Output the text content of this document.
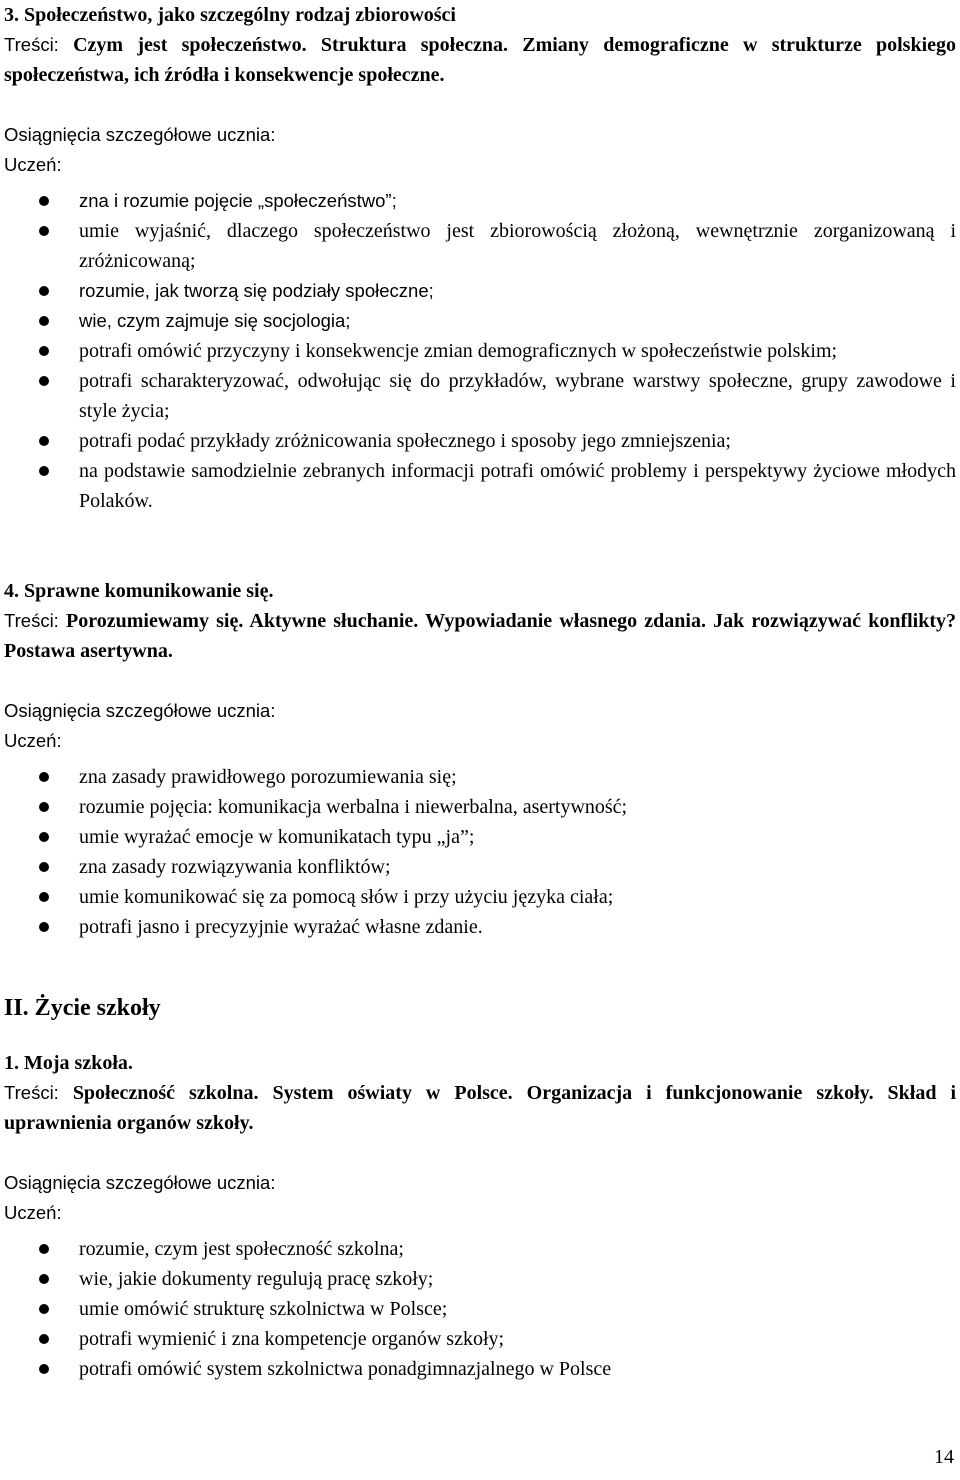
3. Społeczeństwo, jako szczególny rodzaj zbiorowości

Treści: Czym jest społeczeństwo. Struktura społeczna. Zmiany demograficzne w strukturze polskiego społeczeństwa, ich źródła i konsekwencje społeczne.

Osiągnięcia szczegółowe ucznia:

Uczeń:

zna i rozumie pojęcie „społeczeństwo”;
umie wyjaśnić, dlaczego społeczeństwo jest zbiorowością złożoną, wewnętrznie zorganizowaną i zróżnicowaną;
rozumie, jak tworzą się podziały społeczne;
wie, czym zajmuje się socjologia;
potrafi omówić przyczyny i konsekwencje zmian demograficznych w społeczeństwie polskim;
potrafi scharakteryzować, odwołując się do przykładów, wybrane warstwy społeczne, grupy zawodowe i style życia;
potrafi podać przykłady zróżnicowania społecznego i sposoby jego zmniejszenia;
na podstawie samodzielnie zebranych informacji potrafi omówić problemy i perspektywy życiowe młodych Polaków.

4. Sprawne komunikowanie się.

Treści: Porozumiewamy się. Aktywne słuchanie. Wypowiadanie własnego zdania. Jak rozwiązywać konflikty? Postawa asertywna.

Osiągnięcia szczegółowe ucznia:

Uczeń:

zna zasady prawidłowego porozumiewania się;
rozumie pojęcia: komunikacja werbalna i niewerbalna, asertywność;
umie wyrażać emocje w komunikatach typu „ja”;
zna zasady rozwiązywania konfliktów;
umie komunikować się za pomocą słów i przy użyciu języka ciała;
potrafi jasno i precyzyjnie wyrażać własne zdanie.

II. Życie szkoły

1. Moja szkoła.

Treści: Społeczność szkolna. System oświaty w Polsce. Organizacja i funkcjonowanie szkoły. Skład i uprawnienia organów szkoły.

Osiągnięcia szczegółowe ucznia:

Uczeń:

rozumie, czym jest społeczność szkolna;
wie, jakie dokumenty regulują pracę szkoły;
umie omówić strukturę szkolnictwa w Polsce;
potrafi wymienić i zna kompetencje organów szkoły;
potrafi omówić system szkolnictwa ponadgimnazjalnego w Polsce
14
